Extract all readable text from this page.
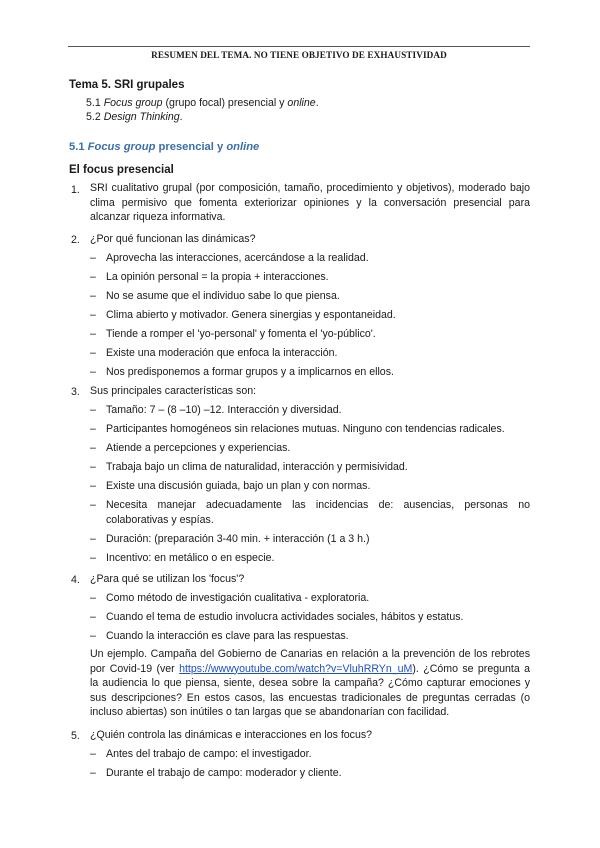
RESUMEN DEL TEMA. NO TIENE OBJETIVO DE EXHAUSTIVIDAD
Tema 5. SRI grupales
5.1 Focus group (grupo focal) presencial y online.
5.2 Design Thinking.
5.1 Focus group presencial y online
El focus presencial
1. SRI cualitativo grupal (por composición, tamaño, procedimiento y objetivos), moderado bajo clima permisivo que fomenta exteriorizar opiniones y la conversación presencial para alcanzar riqueza informativa.
2. ¿Por qué funcionan las dinámicas?
– Aprovecha las interacciones, acercándose a la realidad.
– La opinión personal = la propia + interacciones.
– No se asume que el individuo sabe lo que piensa.
– Clima abierto y motivador. Genera sinergias y espontaneidad.
– Tiende a romper el 'yo-personal' y fomenta el 'yo-público'.
– Existe una moderación que enfoca la interacción.
– Nos predisponemos a formar grupos y a implicarnos en ellos.
3. Sus principales características son:
– Tamaño: 7 – (8 –10) –12. Interacción y diversidad.
– Participantes homogéneos sin relaciones mutuas. Ninguno con tendencias radicales.
– Atiende a percepciones y experiencias.
– Trabaja bajo un clima de naturalidad, interacción y permisividad.
– Existe una discusión guiada, bajo un plan y con normas.
– Necesita manejar adecuadamente las incidencias de: ausencias, personas no colaborativas y espías.
– Duración: (preparación 3-40 min. + interacción (1 a 3 h.)
– Incentivo: en metálico o en especie.
4. ¿Para qué se utilizan los 'focus'?
– Como método de investigación cualitativa - exploratoria.
– Cuando el tema de estudio involucra actividades sociales, hábitos y estatus.
– Cuando la interacción es clave para las respuestas.
Un ejemplo. Campaña del Gobierno de Canarias en relación a la prevención de los rebrotes por Covid-19 (ver https://wwwyoutube.com/watch?v=VluhRRYn_uM). ¿Cómo se pregunta a la audiencia lo que piensa, siente, desea sobre la campaña? ¿Cómo capturar emociones y sus descripciones? En estos casos, las encuestas tradicionales de preguntas cerradas (o incluso abiertas) son inútiles o tan largas que se abandonarían con facilidad.
5. ¿Quién controla las dinámicas e interacciones en los focus?
– Antes del trabajo de campo: el investigador.
– Durante el trabajo de campo: moderador y cliente.
